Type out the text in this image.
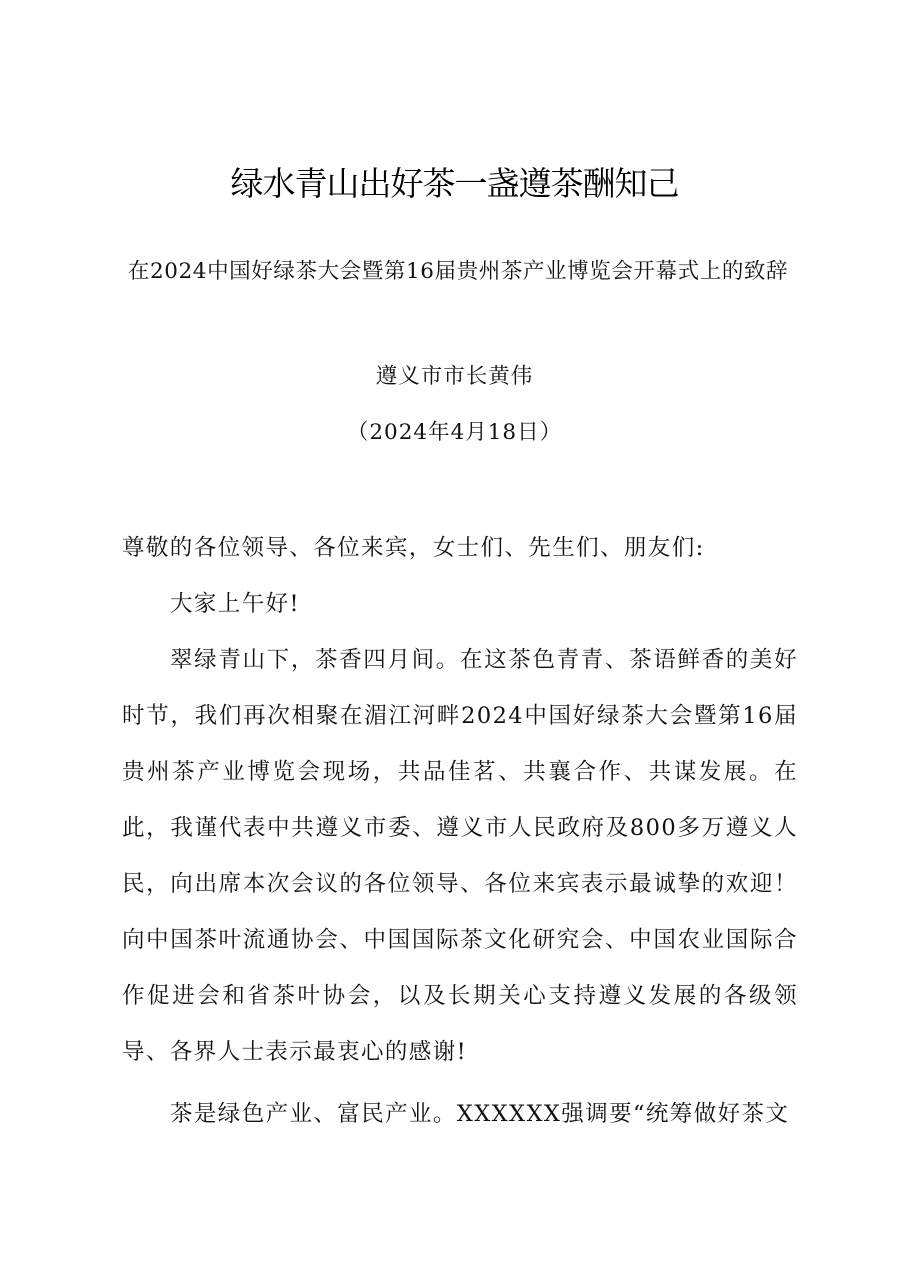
绿水青山出好茶一盏遵茶酬知己
在2024中国好绿茶大会暨第16届贵州茶产业博览会开幕式上的致辞
遵义市市长黄伟
（2024年4月18日）

尊敬的各位领导、各位来宾，女士们、先生们、朋友们:

大家上午好!

翠绿青山下，茶香四月间。在这茶色青青、茶语鲜香的美好时节，我们再次相聚在湄江河畔2024中国好绿茶大会暨第16届贵州茶产业博览会现场，共品佳茗、共襄合作、共谋发展。在此，我谨代表中共遵义市委、遵义市人民政府及800多万遵义人民，向出席本次会议的各位领导、各位来宾表示最诚挚的欢迎！向中国茶叶流通协会、中国国际茶文化研究会、中国农业国际合作促进会和省茶叶协会，以及长期关心支持遵义发展的各级领导、各界人士表示最衷心的感谢!

茶是绿色产业、富民产业。XXXXXX强调要“统筹做好茶文
